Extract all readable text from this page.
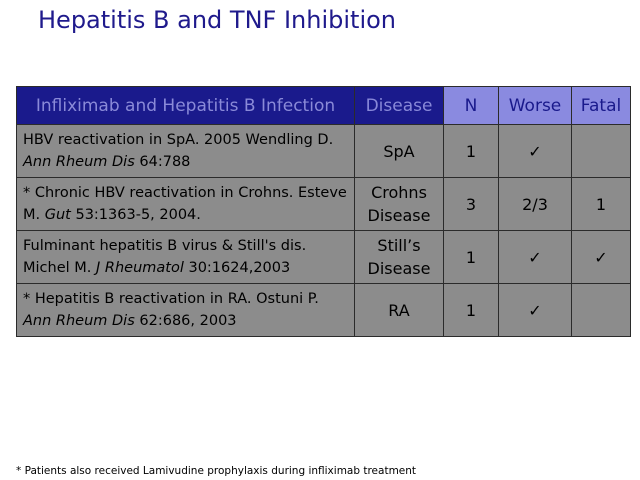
Hepatitis B and TNF Inhibition
Infliximab and Hepatitis B Infection	Disease	N	Worse	Fatal
HBV reactivation in SpA. 2005 Wendling D. Ann Rheum Dis 64:788	SpA	1	✓	
* Chronic HBV reactivation in Crohns. Esteve M. Gut 53:1363-5, 2004.	Crohns Disease	3	2/3	1
Fulminant hepatitis B virus & Still's dis. Michel M. J Rheumatol 30:1624,2003	Still’s Disease	1	✓	✓
* Hepatitis B reactivation in RA. Ostuni P. Ann Rheum Dis 62:686, 2003	RA	1	✓	
* Patients also received Lamivudine prophylaxis during infliximab treatment
